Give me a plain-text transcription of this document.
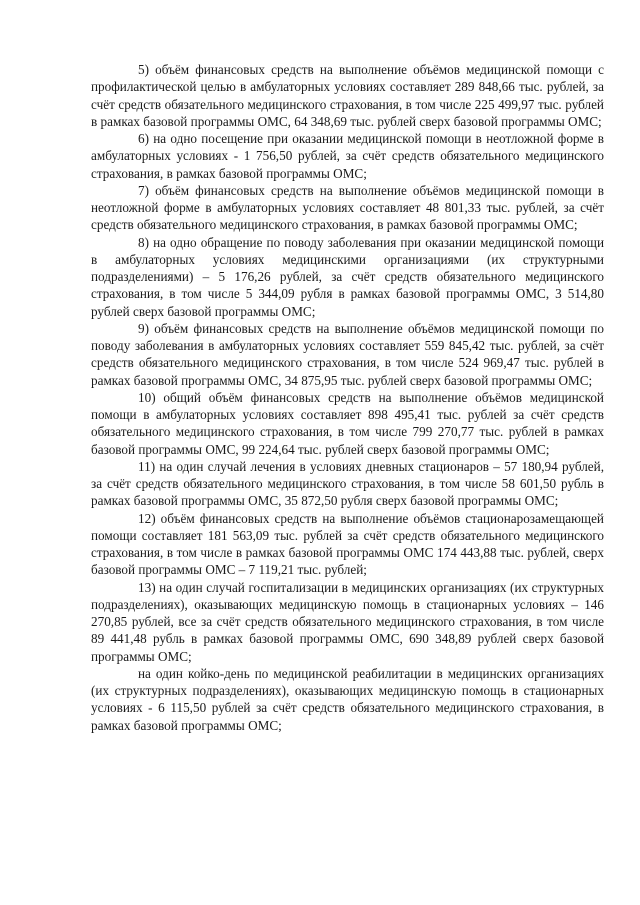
5) объём финансовых средств на выполнение объёмов медицинской помощи с профилактической целью в амбулаторных условиях составляет 289 848,66 тыс. рублей, за счёт средств обязательного медицинского страхования, в том числе 225 499,97 тыс. рублей в рамках базовой программы ОМС, 64 348,69 тыс. рублей сверх базовой программы ОМС;

6) на одно посещение при оказании медицинской помощи в неотложной форме в амбулаторных условиях - 1 756,50 рублей, за счёт средств обязательного медицинского страхования, в рамках базовой программы ОМС;

7) объём финансовых средств на выполнение объёмов медицинской помощи в неотложной форме в амбулаторных условиях составляет 48 801,33 тыс. рублей, за счёт средств обязательного медицинского страхования, в рамках базовой программы ОМС;

8) на одно обращение по поводу заболевания при оказании медицинской помощи в амбулаторных условиях медицинскими организациями (их структурными подразделениями) – 5 176,26 рублей, за счёт средств обязательного медицинского страхования, в том числе 5 344,09 рубля в рамках базовой программы ОМС, 3 514,80 рублей сверх базовой программы ОМС;

9) объём финансовых средств на выполнение объёмов медицинской помощи по поводу заболевания в амбулаторных условиях составляет 559 845,42 тыс. рублей, за счёт средств обязательного медицинского страхования, в том числе 524 969,47 тыс. рублей в рамках базовой программы ОМС, 34 875,95 тыс. рублей сверх базовой программы ОМС;

10) общий объём финансовых средств на выполнение объёмов медицинской помощи в амбулаторных условиях составляет 898 495,41 тыс. рублей за счёт средств обязательного медицинского страхования, в том числе 799 270,77 тыс. рублей в рамках базовой программы ОМС, 99 224,64 тыс. рублей сверх базовой программы ОМС;

11) на один случай лечения в условиях дневных стационаров – 57 180,94 рублей, за счёт средств обязательного медицинского страхования, в том числе 58 601,50 рубль в рамках базовой программы ОМС, 35 872,50 рубля сверх базовой программы ОМС;

12) объём финансовых средств на выполнение объёмов стационарозамещающей помощи составляет 181 563,09 тыс. рублей за счёт средств обязательного медицинского страхования, в том числе в рамках базовой программы ОМС 174 443,88 тыс. рублей, сверх базовой программы ОМС – 7 119,21 тыс. рублей;

13) на один случай госпитализации в медицинских организациях (их структурных подразделениях), оказывающих медицинскую помощь в стационарных условиях – 146 270,85 рублей, все за счёт средств обязательного медицинского страхования, в том числе 89 441,48 рубль в рамках базовой программы ОМС, 690 348,89 рублей сверх базовой программы ОМС;

на один койко-день по медицинской реабилитации в медицинских организациях (их структурных подразделениях), оказывающих медицинскую помощь в стационарных условиях - 6 115,50 рублей за счёт средств обязательного медицинского страхования, в рамках базовой программы ОМС;
